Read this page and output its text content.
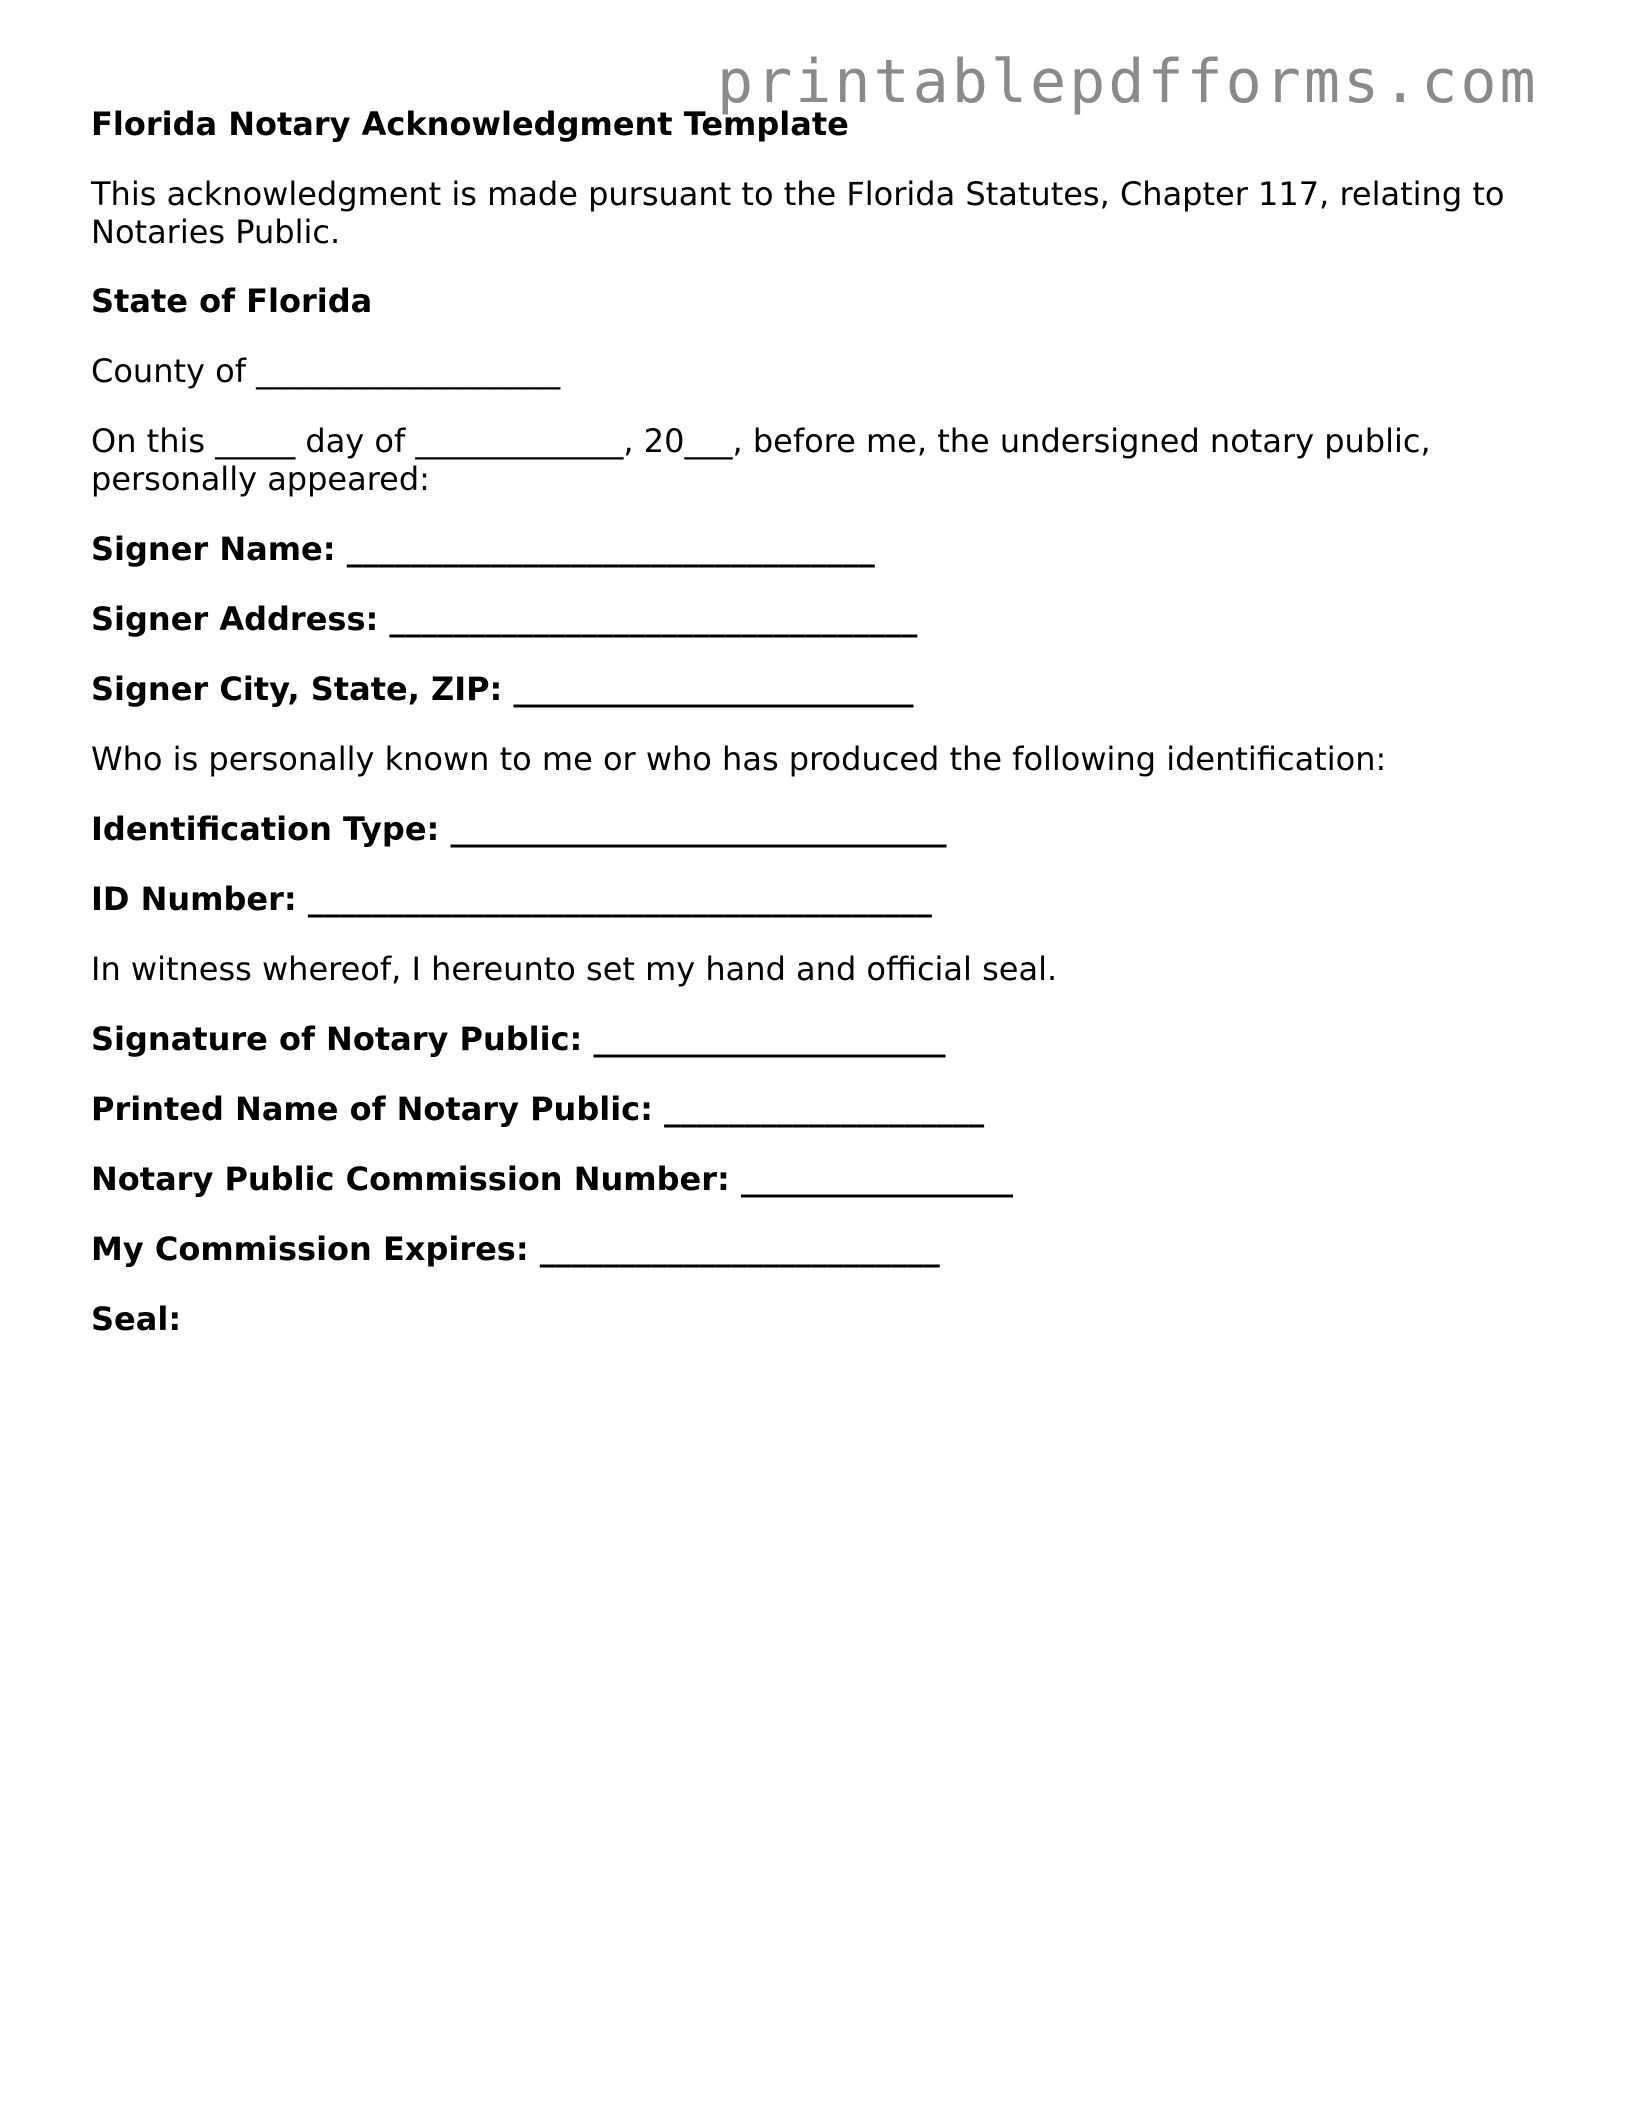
printablepdfforms.com
Florida Notary Acknowledgment Template
This acknowledgment is made pursuant to the Florida Statutes, Chapter 117, relating to Notaries Public.
State of Florida
County of ___________________
On this _____ day of _____________, 20___, before me, the undersigned notary public, personally appeared:
Signer Name: _________________________________
Signer Address: _________________________________
Signer City, State, ZIP: _________________________
Who is personally known to me or who has produced the following identification:
Identification Type: _______________________________
ID Number: _______________________________________
In witness whereof, I hereunto set my hand and official seal.
Signature of Notary Public: ______________________
Printed Name of Notary Public: ____________________
Notary Public Commission Number: _________________
My Commission Expires: _________________________
Seal:
